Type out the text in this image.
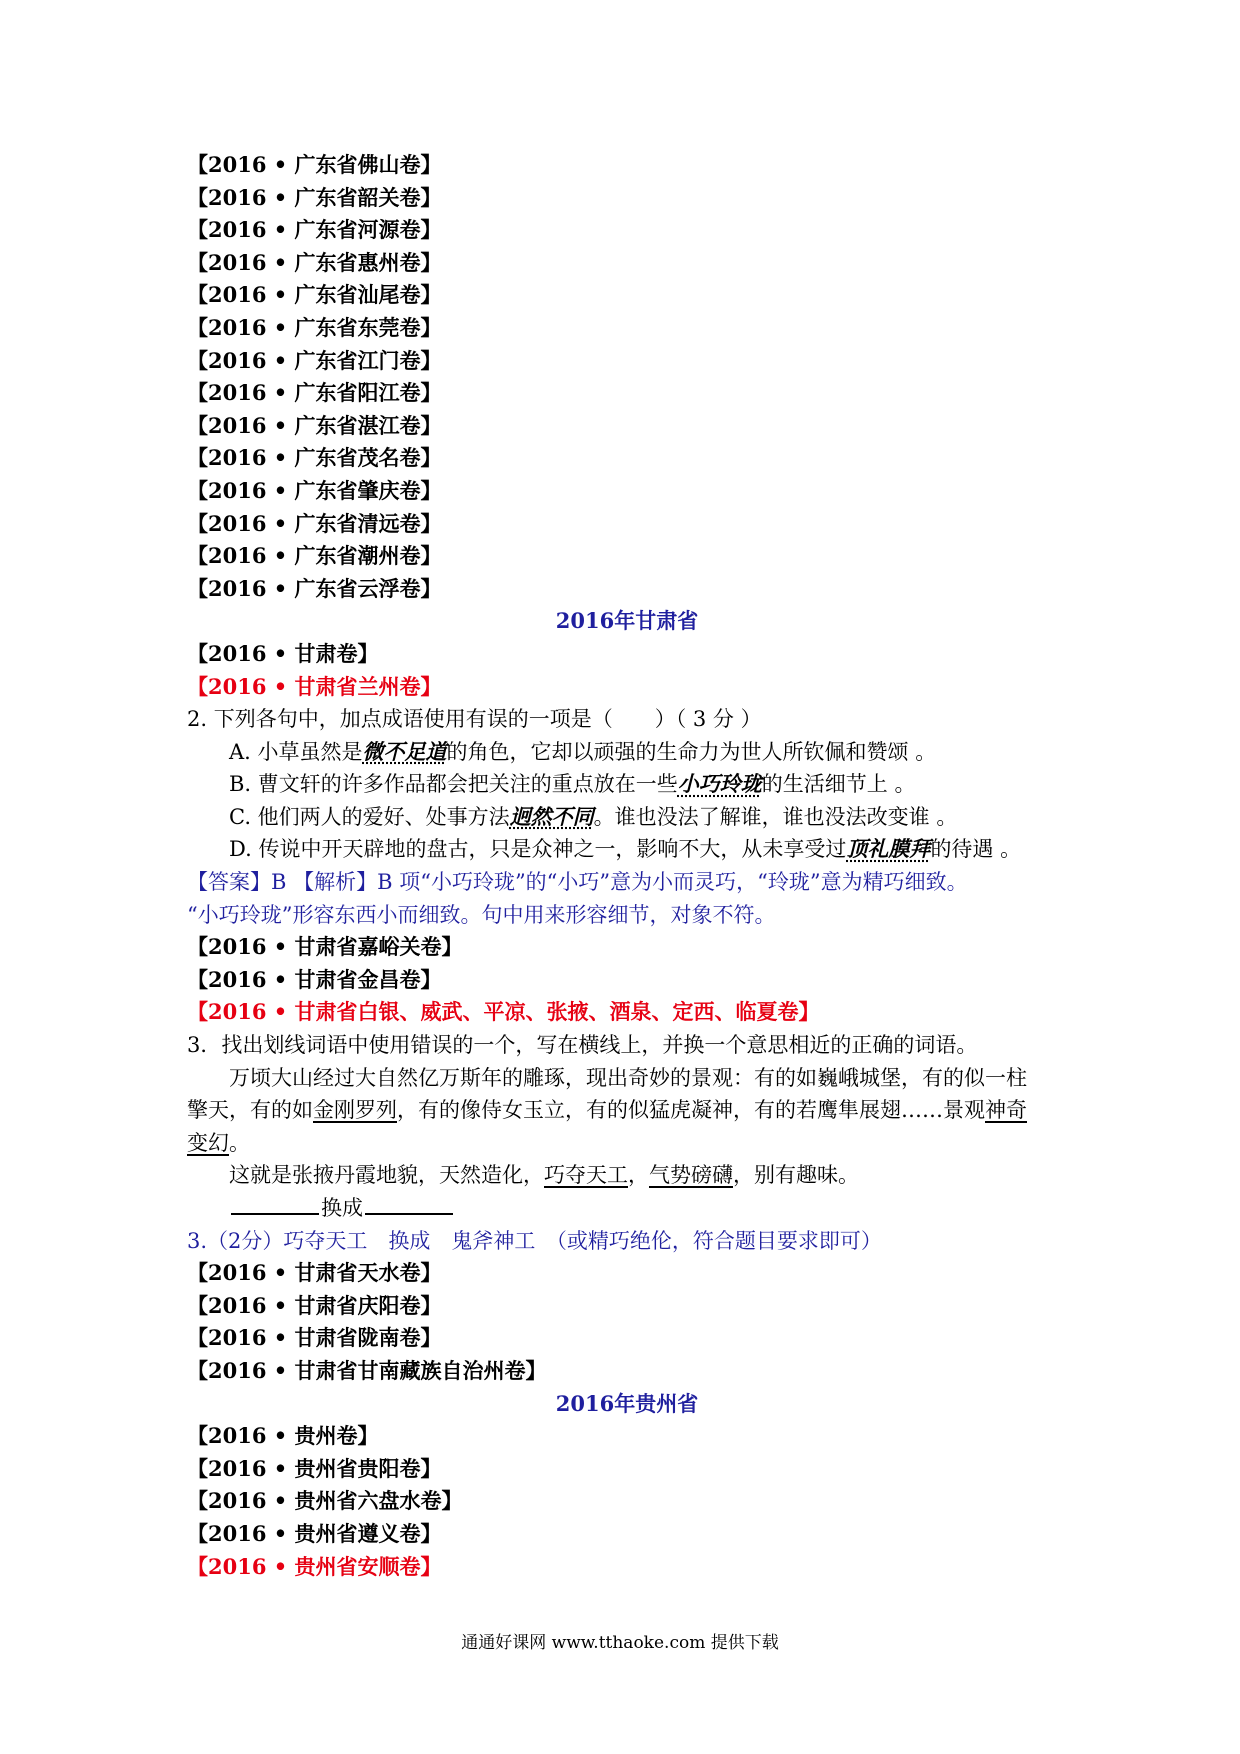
【2016 • 广东省佛山卷】
【2016 • 广东省韶关卷】
【2016 • 广东省河源卷】
【2016 • 广东省惠州卷】
【2016 • 广东省汕尾卷】
【2016 • 广东省东莞卷】
【2016 • 广东省江门卷】
【2016 • 广东省阳江卷】
【2016 • 广东省湛江卷】
【2016 • 广东省茂名卷】
【2016 • 广东省肇庆卷】
【2016 • 广东省清远卷】
【2016 • 广东省潮州卷】
【2016 • 广东省云浮卷】
2016年甘肃省
【2016 • 甘肃卷】
【2016 • 甘肃省兰州卷】
2. 下列各句中，加点成语使用有误的一项是（　　）（ 3 分 ）
A. 小草虽然是微不足道的角色，它却以顽强的生命力为世人所钦佩和赞颂 。
B. 曹文轩的许多作品都会把关注的重点放在一些小巧玲珑的生活细节上 。
C. 他们两人的爱好、处事方法迥然不同。谁也没法了解谁，谁也没法改变谁 。
D. 传说中开天辟地的盘古，只是众神之一，影响不大，从未享受过顶礼膜拜的待遇 。
【答案】B 【解析】B 项“小巧玲珑”的“小巧”意为小而灵巧，“玲珑”意为精巧细致。
“小巧玲珑”形容东西小而细致。句中用来形容细节，对象不符。
【2016 • 甘肃省嘉峪关卷】
【2016 • 甘肃省金昌卷】
【2016 • 甘肃省白银、威武、平凉、张掖、酒泉、定西、临夏卷】
3．找出划线词语中使用错误的一个，写在横线上，并换一个意思相近的正确的词语。
万顷大山经过大自然亿万斯年的雕琢，现出奇妙的景观：有的如巍峨城堡，有的似一柱
擎天，有的如金刚罗列，有的像侍女玉立，有的似猛虎凝神，有的若鹰隼展翅……景观神奇
变幻。
这就是张掖丹霞地貌，天然造化，巧夺天工，气势磅礴，别有趣味。
换成
3.（2分）巧夺天工　换成　鬼斧神工　（或精巧绝伦，符合题目要求即可）
【2016 • 甘肃省天水卷】
【2016 • 甘肃省庆阳卷】
【2016 • 甘肃省陇南卷】
【2016 • 甘肃省甘南藏族自治州卷】
2016年贵州省
【2016 • 贵州卷】
【2016 • 贵州省贵阳卷】
【2016 • 贵州省六盘水卷】
【2016 • 贵州省遵义卷】
【2016 • 贵州省安顺卷】
通通好课网 www.tthaoke.com 提供下载
